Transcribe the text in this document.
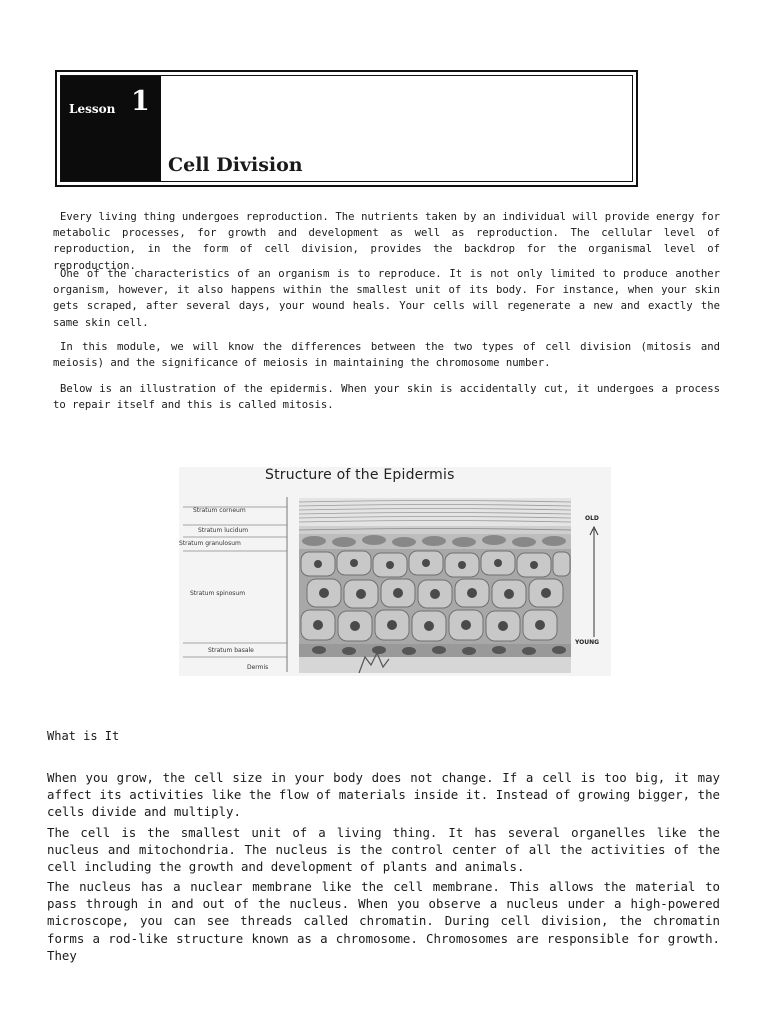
Lesson 1
Cell Division

Every living thing undergoes reproduction. The nutrients taken by an individual will provide energy for metabolic processes, for growth and development as well as reproduction. The cellular level of reproduction, in the form of cell division, provides the backdrop for the organismal level of reproduction.

One of the characteristics of an organism is to reproduce. It is not only limited to produce another organism, however, it also happens within the smallest unit of its body. For instance, when your skin gets scraped, after several days, your wound heals. Your cells will regenerate a new and exactly the same skin cell.

In this module, we will know the differences between the two types of cell division (mitosis and meiosis) and the significance of meiosis in maintaining the chromosome number.

Below is an illustration of the epidermis. When your skin is accidentally cut, it undergoes a process to repair itself and this is called mitosis.

Structure of the Epidermis
Stratum corneum
Stratum lucidum
Stratum granulosum
Stratum spinosum
Stratum basale
Dermis
OLD
YOUNG
What is It

When you grow, the cell size in your body does not change. If a cell is too big, it may affect its activities like the flow of materials inside it. Instead of growing bigger, the cells divide and multiply.

The cell is the smallest unit of a living thing. It has several organelles like the nucleus and mitochondria. The nucleus is the control center of all the activities of the cell including the growth and development of plants and animals.

The nucleus has a nuclear membrane like the cell membrane. This allows the material to pass through in and out of the nucleus. When you observe a nucleus under a high-powered microscope, you can see threads called chromatin. During cell division, the chromatin forms a rod-like structure known as a chromosome. Chromosomes are responsible for growth. They
